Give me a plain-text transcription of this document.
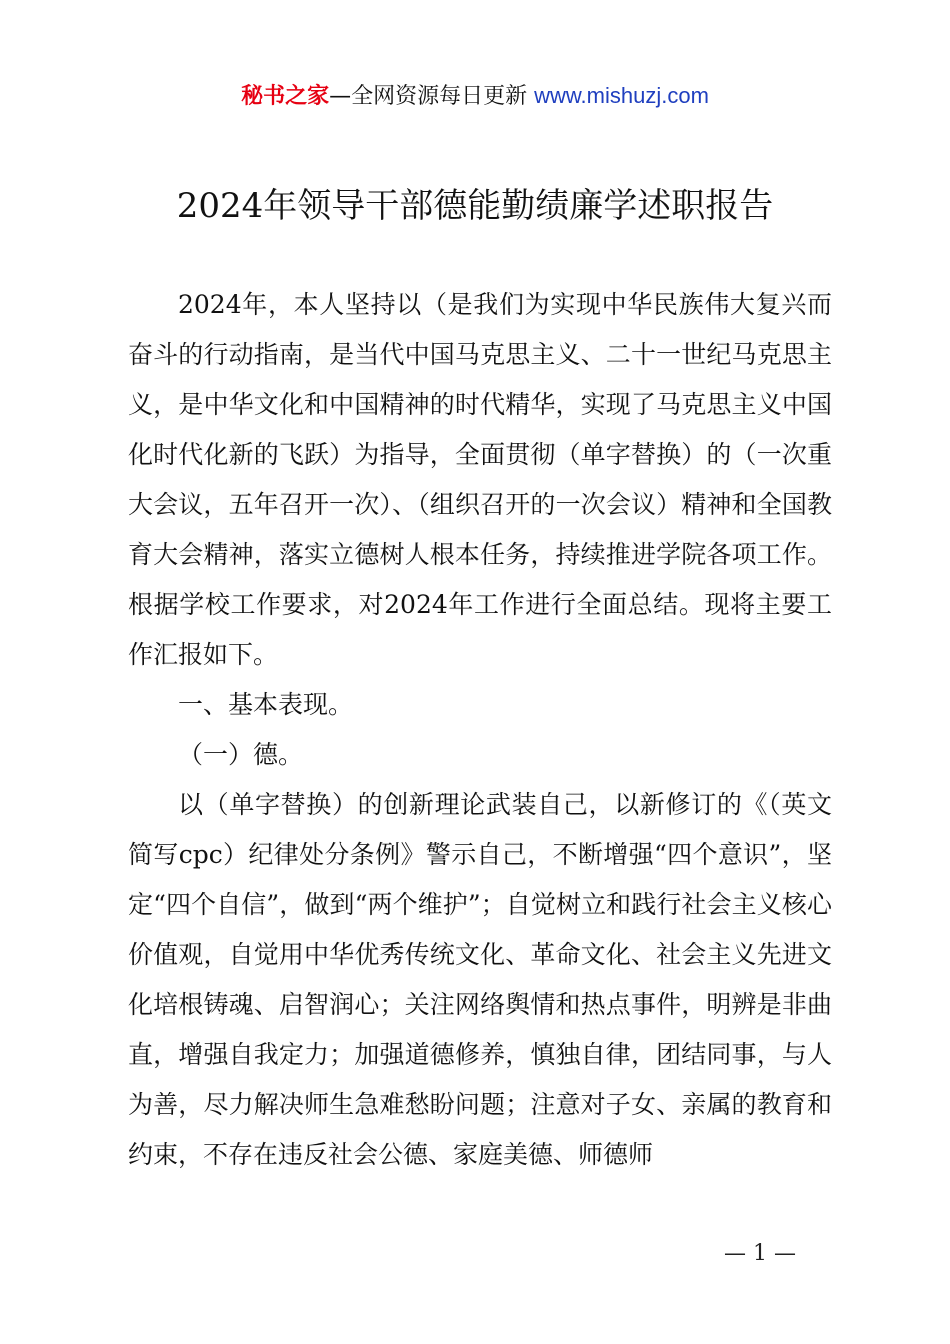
秘书之家—全网资源每日更新 www.mishuzj.com
2024年领导干部德能勤绩廉学述职报告

2024年，本人坚持以（是我们为实现中华民族伟大复兴而奋斗的行动指南，是当代中国马克思主义、二十一世纪马克思主义，是中华文化和中国精神的时代精华，实现了马克思主义中国化时代化新的飞跃）为指导，全面贯彻（单字替换）的（一次重大会议，五年召开一次）、（组织召开的一次会议）精神和全国教育大会精神，落实立德树人根本任务，持续推进学院各项工作。根据学校工作要求，对2024年工作进行全面总结。现将主要工作汇报如下。

一、基本表现。

（一）德。

以（单字替换）的创新理论武装自己，以新修订的《（英文简写cpc）纪律处分条例》警示自己，不断增强“四个意识”，坚定“四个自信”，做到“两个维护”；自觉树立和践行社会主义核心价值观，自觉用中华优秀传统文化、革命文化、社会主义先进文化培根铸魂、启智润心；关注网络舆情和热点事件，明辨是非曲直，增强自我定力；加强道德修养，慎独自律，团结同事，与人为善，尽力解决师生急难愁盼问题；注意对子女、亲属的教育和约束，不存在违反社会公德、家庭美德、师德师

— 1 —
